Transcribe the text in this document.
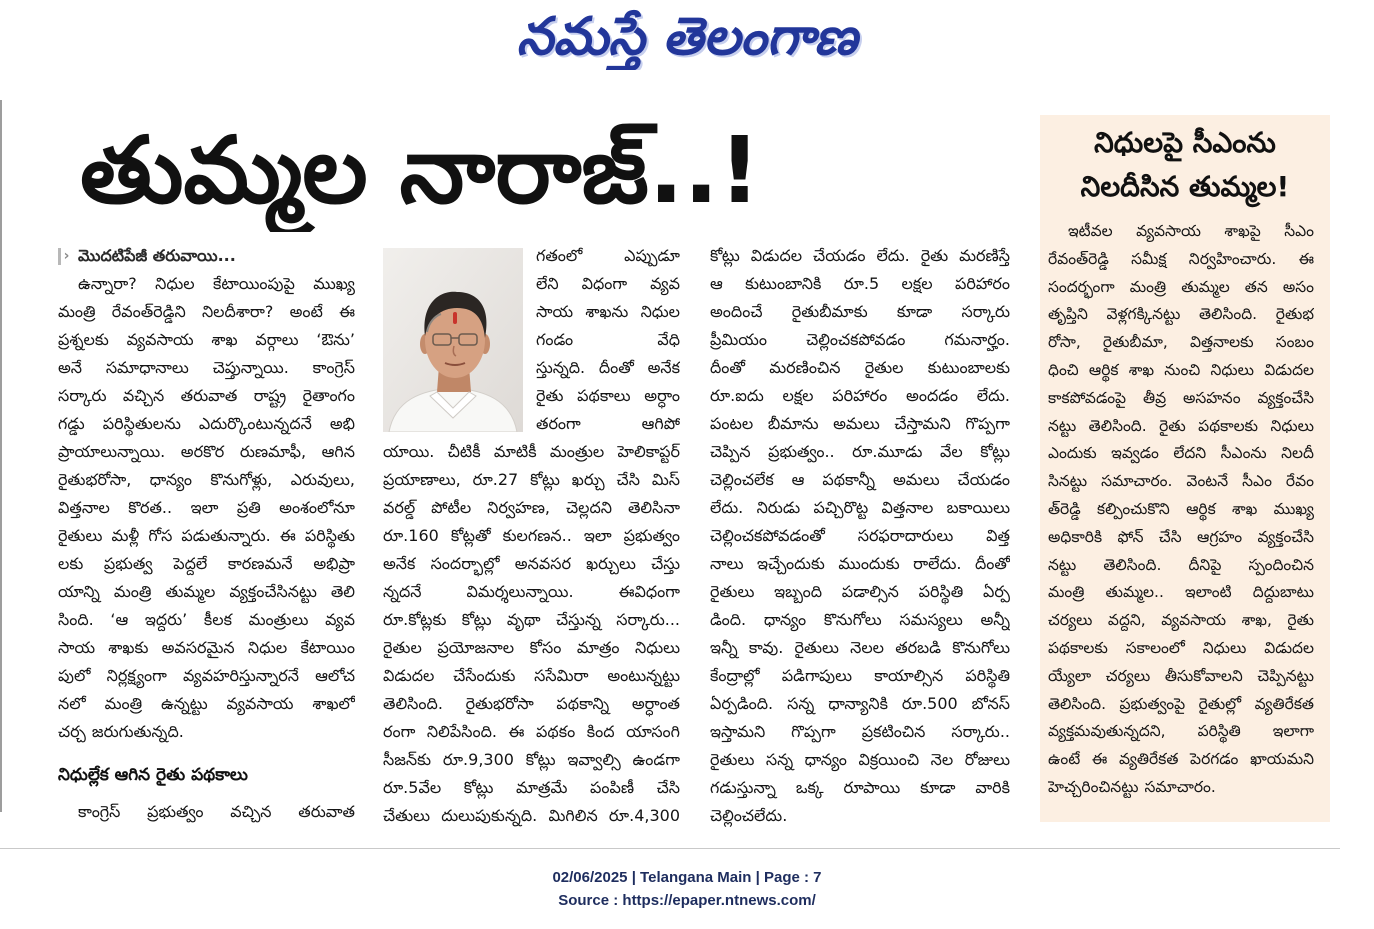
నమస్తే తెలంగాణ
తుమ్మల నారాజ్..!
› మొదటిపేజీ తరువాయి...
ఉన్నారా? నిధుల కేటాయింపుపై ముఖ్య
మంత్రి రేవంత్‌రెడ్డిని నిలదీశారా? అంటే ఈ
ప్రశ్నలకు వ్యవసాయ శాఖ వర్గాలు ‘ఔను’
అనే సమాధానాలు చెప్తున్నాయి. కాంగ్రెస్
సర్కారు వచ్చిన తరువాత రాష్ట్ర రైతాంగం
గడ్డు పరిస్థితులను ఎదుర్కొంటున్నదనే అభి
ప్రాయాలున్నాయి. అరకొర రుణమాఫీ, ఆగిన
రైతుభరోసా, ధాన్యం కొనుగోళ్లు, ఎరువులు,
విత్తనాల కొరత.. ఇలా ప్రతి అంశంలోనూ
రైతులు మళ్లీ గోస పడుతున్నారు. ఈ పరిస్థితు
లకు ప్రభుత్వ పెద్దలే కారణమనే అభిప్రా
యాన్ని మంత్రి తుమ్మల వ్యక్తంచేసినట్టు తెలి
సింది. ‘ఆ ఇద్దరు’ కీలక మంత్రులు వ్యవ
సాయ శాఖకు అవసరమైన నిధుల కేటాయిం
పులో నిర్లక్ష్యంగా వ్యవహరిస్తున్నారనే ఆలోచ
నలో మంత్రి ఉన్నట్టు వ్యవసాయ శాఖలో
చర్చ జరుగుతున్నది.
నిధుల్లేక ఆగిన రైతు పథకాలు
కాంగ్రెస్ ప్రభుత్వం వచ్చిన తరువాత
గతంలో ఎప్పుడూ
లేని విధంగా వ్యవ
సాయ శాఖను నిధుల
గండం వేధి
స్తున్నది. దీంతో అనేక
రైతు పథకాలు అర్ధాం
తరంగా ఆగిపో
యాయి. చీటికీ మాటికీ మంత్రుల హెలికాప్టర్
ప్రయాణాలు, రూ.27 కోట్లు ఖర్చు చేసి మిస్
వరల్డ్ పోటీల నిర్వహణ, చెల్లదని తెలిసినా
రూ.160 కోట్లతో కులగణన.. ఇలా ప్రభుత్వం
అనేక సందర్భాల్లో అనవసర ఖర్చులు చేస్తు
న్నదనే విమర్శలున్నాయి. ఈవిధంగా
రూ.కోట్లకు కోట్లు వృథా చేస్తున్న సర్కారు...
రైతుల ప్రయోజనాల కోసం మాత్రం నిధులు
విడుదల చేసేందుకు ససేమిరా అంటున్నట్టు
తెలిసింది. రైతుభరోసా పథకాన్ని అర్ధాంత
రంగా నిలిపేసింది. ఈ పథకం కింద యాసంగి
సీజన్‌కు రూ.9,300 కోట్లు ఇవ్వాల్సి ఉండగా
రూ.5వేల కోట్లు మాత్రమే పంపిణీ చేసి
చేతులు దులుపుకున్నది. మిగిలిన రూ.4,300
కోట్లు విడుదల చేయడం లేదు. రైతు మరణిస్తే
ఆ కుటుంబానికి రూ.5 లక్షల పరిహారం
అందించే రైతుబీమాకు కూడా సర్కారు
ప్రీమియం చెల్లించకపోవడం గమనార్హం.
దీంతో మరణించిన రైతుల కుటుంబాలకు
రూ.ఐదు లక్షల పరిహారం అందడం లేదు.
పంటల బీమాను అమలు చేస్తామని గొప్పగా
చెప్పిన ప్రభుత్వం.. రూ.మూడు వేల కోట్లు
చెల్లించలేక ఆ పథకాన్నీ అమలు చేయడం
లేదు. నిరుడు పచ్చిరొట్ట విత్తనాల బకాయిలు
చెల్లించకపోవడంతో సరఫరాదారులు విత్త
నాలు ఇచ్చేందుకు ముందుకు రాలేదు. దీంతో
రైతులు ఇబ్బంది పడాల్సిన పరిస్థితి ఏర్ప
డింది. ధాన్యం కొనుగోలు సమస్యలు అన్నీ
ఇన్నీ కావు. రైతులు నెలల తరబడి కొనుగోలు
కేంద్రాల్లో పడిగాపులు కాయాల్సిన పరిస్థితి
ఏర్పడింది. సన్న ధాన్యానికి రూ.500 బోనస్
ఇస్తామని గొప్పగా ప్రకటించిన సర్కారు..
రైతులు సన్న ధాన్యం విక్రయించి నెల రోజులు
గడుస్తున్నా ఒక్క రూపాయి కూడా వారికి
చెల్లించలేదు.
నిధులపై సీఎంను
నిలదీసిన తుమ్మల!
ఇటీవల వ్యవసాయ శాఖపై సీఎం
రేవంత్‌రెడ్డి సమీక్ష నిర్వహించారు. ఈ
సందర్భంగా మంత్రి తుమ్మల తన అసం
తృప్తిని వెళ్లగక్కినట్టు తెలిసింది. రైతుభ
రోసా, రైతుబీమా, విత్తనాలకు సంబం
ధించి ఆర్థిక శాఖ నుంచి నిధులు విడుదల
కాకపోవడంపై తీవ్ర అసహనం వ్యక్తంచేసి
నట్టు తెలిసింది. రైతు పథకాలకు నిధులు
ఎందుకు ఇవ్వడం లేదని సీఎంను నిలదీ
సినట్టు సమాచారం. వెంటనే సీఎం రేవం
త్‌రెడ్డి కల్పించుకొని ఆర్థిక శాఖ ముఖ్య
అధికారికి ఫోన్ చేసి ఆగ్రహం వ్యక్తంచేసి
నట్టు తెలిసింది. దీనిపై స్పందించిన
మంత్రి తుమ్మల.. ఇలాంటి దిద్దుబాటు
చర్యలు వద్దని, వ్యవసాయ శాఖ, రైతు
పథకాలకు సకాలంలో నిధులు విడుదల
య్యేలా చర్యలు తీసుకోవాలని చెప్పినట్టు
తెలిసింది. ప్రభుత్వంపై రైతుల్లో వ్యతిరేకత
వ్యక్తమవుతున్నదని, పరిస్థితి ఇలాగా
ఉంటే ఈ వ్యతిరేకత పెరగడం ఖాయమని
హెచ్చరించినట్టు సమాచారం.
02/06/2025 | Telangana Main | Page : 7
Source : https://epaper.ntnews.com/
